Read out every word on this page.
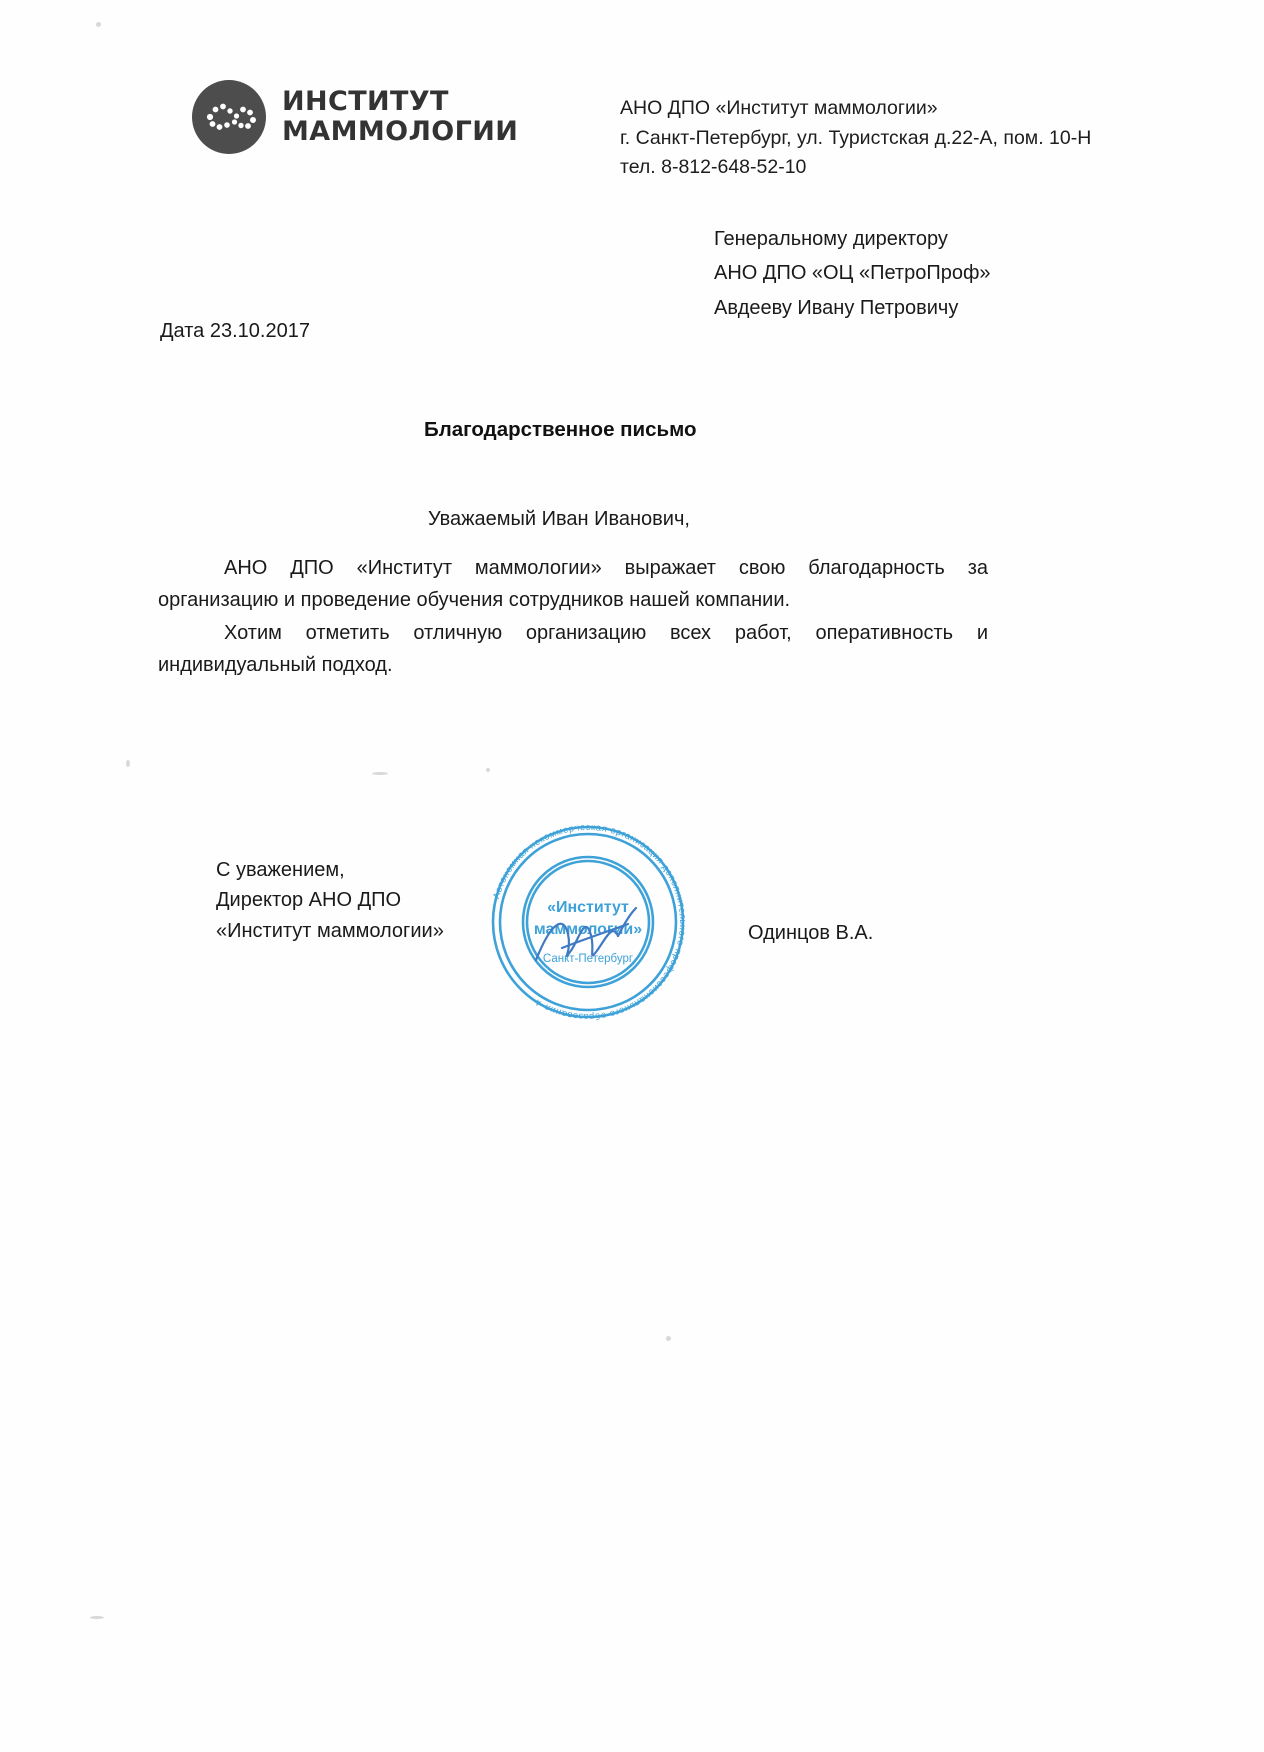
ИНСТИТУТ
МАММОЛОГИИ
АНО ДПО «Институт маммологии»
г. Санкт-Петербург, ул. Туристская д.22-А, пом. 10-Н
тел. 8-812-648-52-10
Генеральному директору
АНО ДПО «ОЦ «ПетроПроф»
Авдееву Ивану Петровичу
Дата 23.10.2017
Благодарственное письмо
Уважаемый Иван Иванович,

АНО ДПО «Институт маммологии» выражает свою благодарность за организацию и проведение обучения сотрудников нашей компании.

Хотим отметить отличную организацию всех работ, оперативность и индивидуальный подход.

С уважением,
Директор АНО ДПО
«Институт маммологии»	Одинцов В.А.
Автономная некоммерческая организация дополнительного профессионального образования ★
«Институт
маммологии»
Санкт-Петербург
